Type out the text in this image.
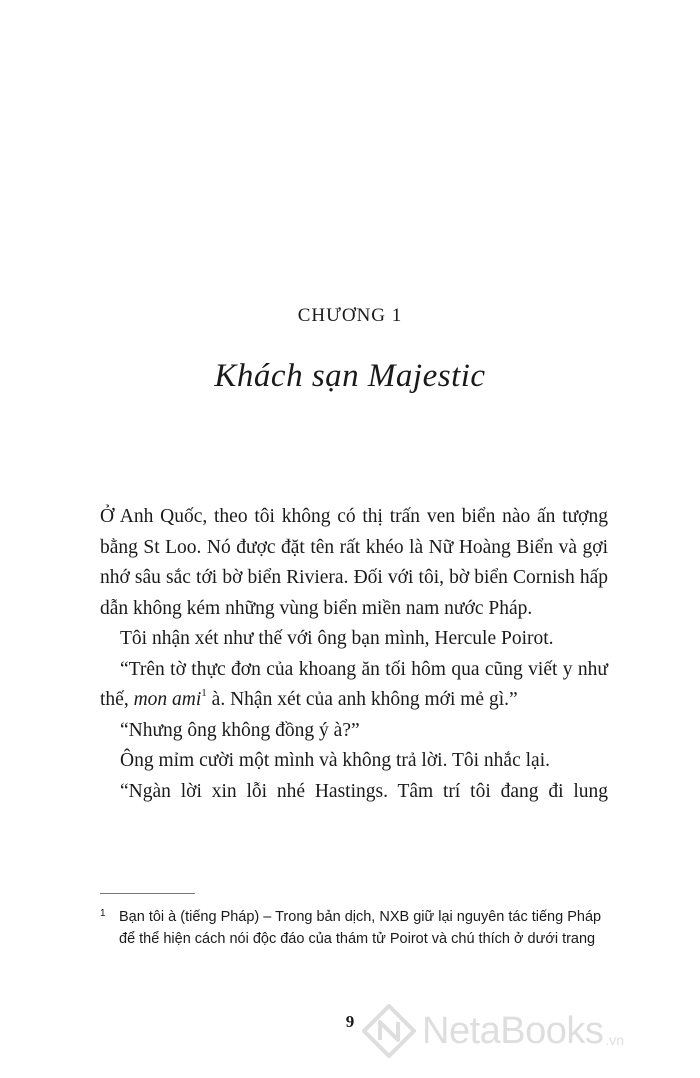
CHƯƠNG 1
Khách sạn Majestic

Ở Anh Quốc, theo tôi không có thị trấn ven biển nào ấn tượng bằng St Loo. Nó được đặt tên rất khéo là Nữ Hoàng Biển và gợi nhớ sâu sắc tới bờ biển Riviera. Đối với tôi, bờ biển Cornish hấp dẫn không kém những vùng biển miền nam nước Pháp.

Tôi nhận xét như thế với ông bạn mình, Hercule Poirot.

“Trên tờ thực đơn của khoang ăn tối hôm qua cũng viết y như thế, mon ami$^1$ à. Nhận xét của anh không mới mẻ gì.”

“Nhưng ông không đồng ý à?”

Ông mỉm cười một mình và không trả lời. Tôi nhắc lại.

“Ngàn lời xin lỗi nhé Hastings. Tâm trí tôi đang đi lung

1 Bạn tôi à (tiếng Pháp) – Trong bản dịch, NXB giữ lại nguyên tác tiếng Pháp để thể hiện cách nói độc đáo của thám tử Poirot và chú thích ở dưới trang
9	NetaBooks .vn
